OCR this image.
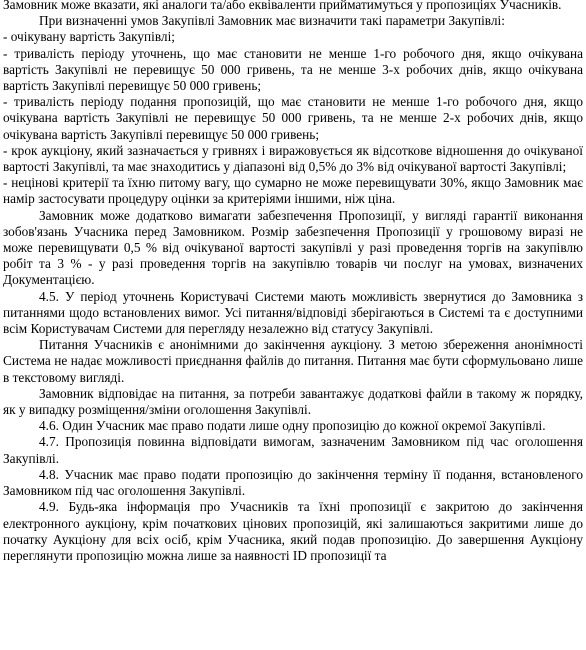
Замовник може вказати, які аналоги та/або еквіваленти прийматимуться у пропозиціях Учасників.

При визначенні умов Закупівлі Замовник має визначити такі параметри Закупівлі:

- очікувану вартість Закупівлі;

- тривалість періоду уточнень, що має становити не менше 1-го робочого дня, якщо очікувана вартість Закупівлі не перевищує 50 000 гривень, та не менше 3-х робочих днів, якщо очікувана вартість Закупівлі перевищує 50 000 гривень;

- тривалість періоду подання пропозицій, що має становити не менше 1-го робочого дня, якщо очікувана вартість Закупівлі не перевищує 50 000 гривень, та не менше 2-х робочих днів, якщо очікувана вартість Закупівлі перевищує 50 000 гривень;

- крок аукціону, який зазначається у гривнях і виражовується як відсоткове відношення до очікуваної вартості Закупівлі, та має знаходитись у діапазоні від 0,5% до 3% від очікуваної вартості Закупівлі;

- нецінові критерії та їхню питому вагу, що сумарно не може перевищувати 30%, якщо Замовник має намір застосувати процедуру оцінки за критеріями іншими, ніж ціна.

Замовник може додатково вимагати забезпечення Пропозиції, у вигляді гарантії виконання зобов'язань Учасника перед Замовником. Розмір забезпечення Пропозиції у грошовому виразі не може перевищувати 0,5 % від очікуваної вартості закупівлі у разі проведення торгів на закупівлю робіт та 3 % - у разі проведення торгів на закупівлю товарів чи послуг на умовах, визначених Документацією.

4.5. У період уточнень Користувачі Системи мають можливість звернутися до Замовника з питаннями щодо встановлених вимог. Усі питання/відповіді зберігаються в Системі та є доступними всім Користувачам Системи для перегляду незалежно від статусу Закупівлі.

Питання Учасників є анонімними до закінчення аукціону. З метою збереження анонімності Система не надає можливості приєднання файлів до питання. Питання має бути сформульовано лише в текстовому вигляді.

Замовник відповідає на питання, за потреби завантажує додаткові файли в такому ж порядку, як у випадку розміщення/зміни оголошення Закупівлі.

4.6. Один Учасник має право подати лише одну пропозицію до кожної окремої Закупівлі.

4.7. Пропозиція повинна відповідати вимогам, зазначеним Замовником під час оголошення Закупівлі.

4.8. Учасник має право подати пропозицію до закінчення терміну її подання, встановленого Замовником під час оголошення Закупівлі.

4.9. Будь-яка інформація про Учасників та їхні пропозиції є закритою до закінчення електронного аукціону, крім початкових цінових пропозицій, які залишаються закритими лише до початку Аукціону для всіх осіб, крім Учасника, який подав пропозицію. До завершення Аукціону переглянути пропозицію можна лише за наявності ID пропозиції та
